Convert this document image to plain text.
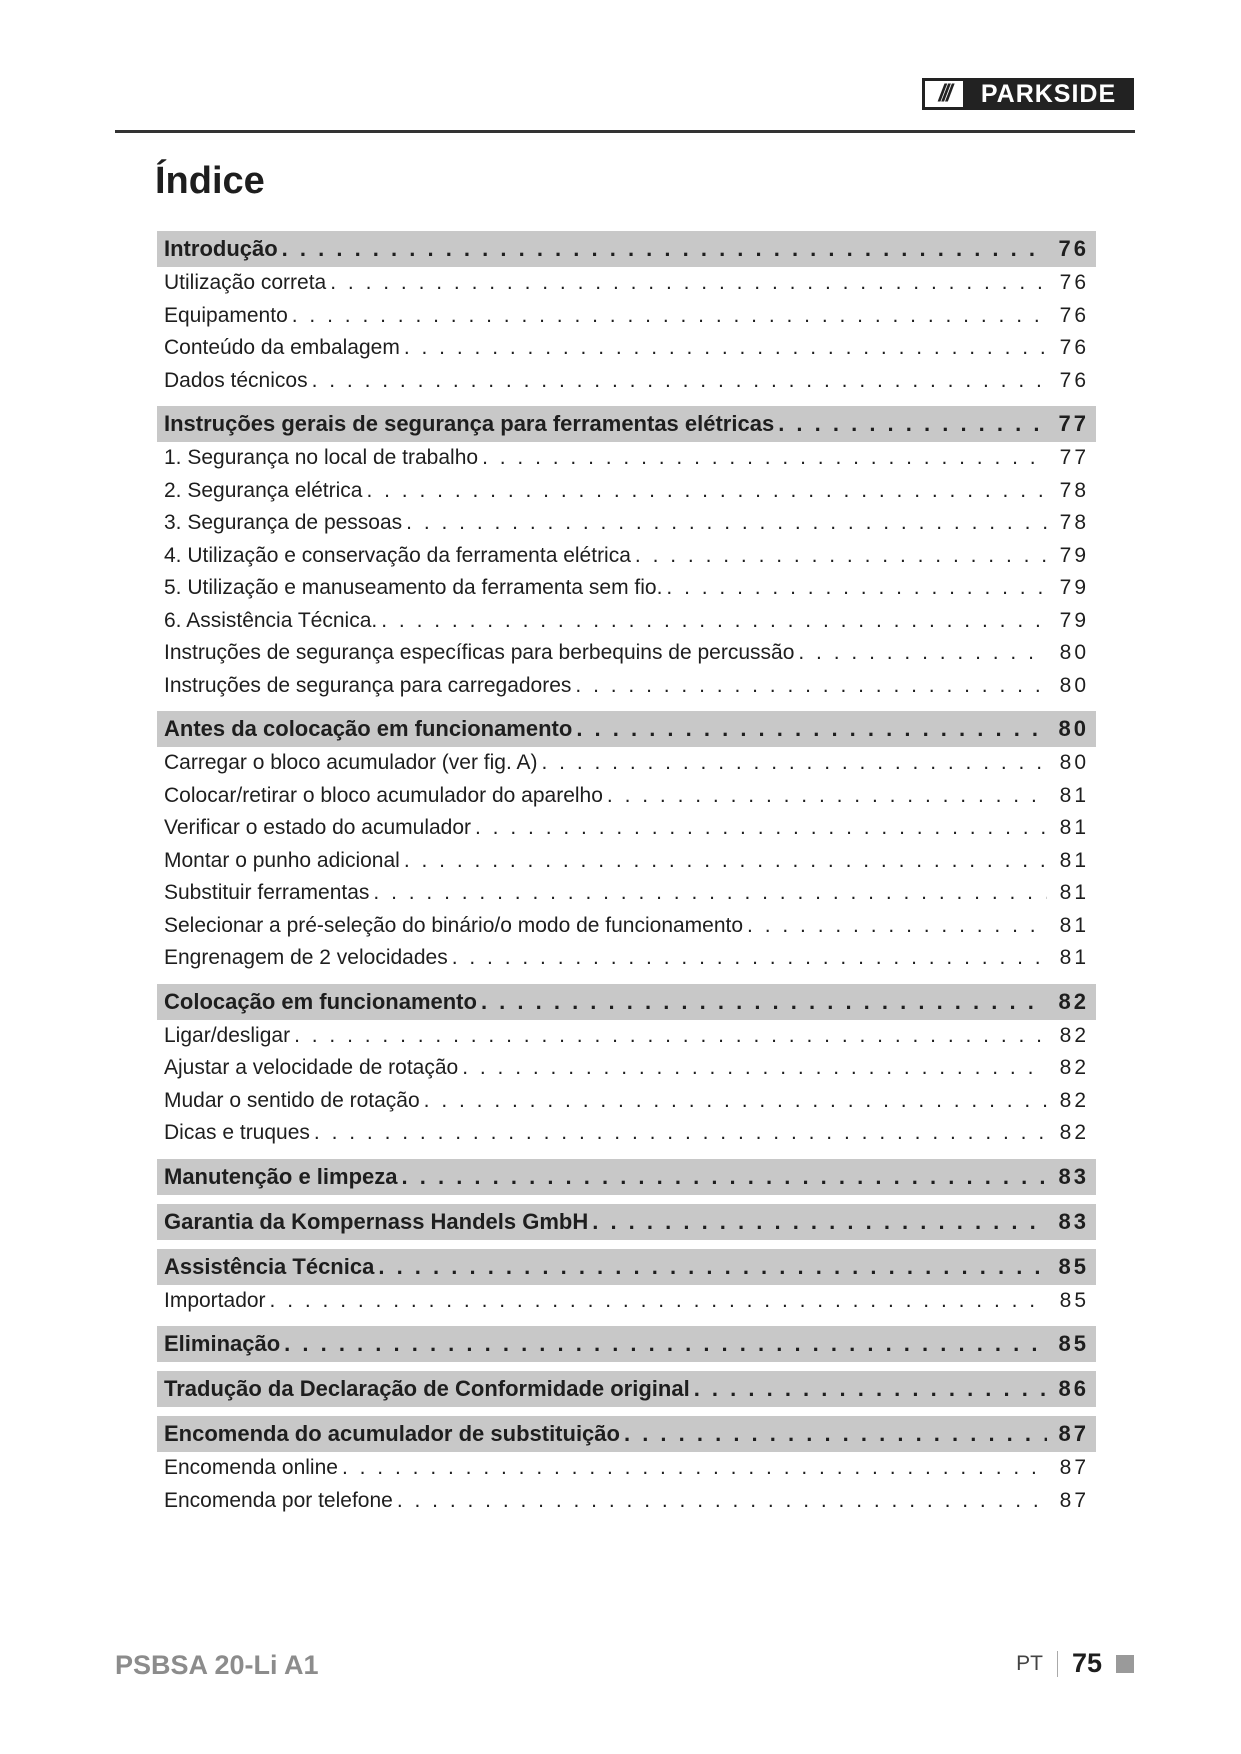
///	PARKSIDE
Índice
Introdução . . .	76
Utilização correta . . .	76
Equipamento . . .	76
Conteúdo da embalagem . . .	76
Dados técnicos . . .	76
Instruções gerais de segurança para ferramentas elétricas . . .	77
1. Segurança no local de trabalho . . .	77
2. Segurança elétrica . . .	78
3. Segurança de pessoas . . .	78
4. Utilização e conservação da ferramenta elétrica . . .	79
5. Utilização e manuseamento da ferramenta sem fio. . . .	79
6. Assistência Técnica. . . .	79
Instruções de segurança específicas para berbequins de percussão . . .	80
Instruções de segurança para carregadores . . .	80
Antes da colocação em funcionamento . . .	80
Carregar o bloco acumulador (ver fig. A) . . .	80
Colocar/retirar o bloco acumulador do aparelho . . .	81
Verificar o estado do acumulador . . .	81
Montar o punho adicional . . .	81
Substituir ferramentas . . .	81
Selecionar a pré-seleção do binário/o modo de funcionamento . . .	81
Engrenagem de 2 velocidades . . .	81
Colocação em funcionamento . . .	82
Ligar/desligar . . .	82
Ajustar a velocidade de rotação . . .	82
Mudar o sentido de rotação . . .	82
Dicas e truques . . .	82
Manutenção e limpeza . . .	83
Garantia da Kompernass Handels GmbH . . .	83
Assistência Técnica . . .	85
Importador . . .	85
Eliminação . . .	85
Tradução da Declaração de Conformidade original . . .	86
Encomenda do acumulador de substituição . . .	87
Encomenda online . . .	87
Encomenda por telefone . . .	87
PSBSA 20-Li A1	PT 75
